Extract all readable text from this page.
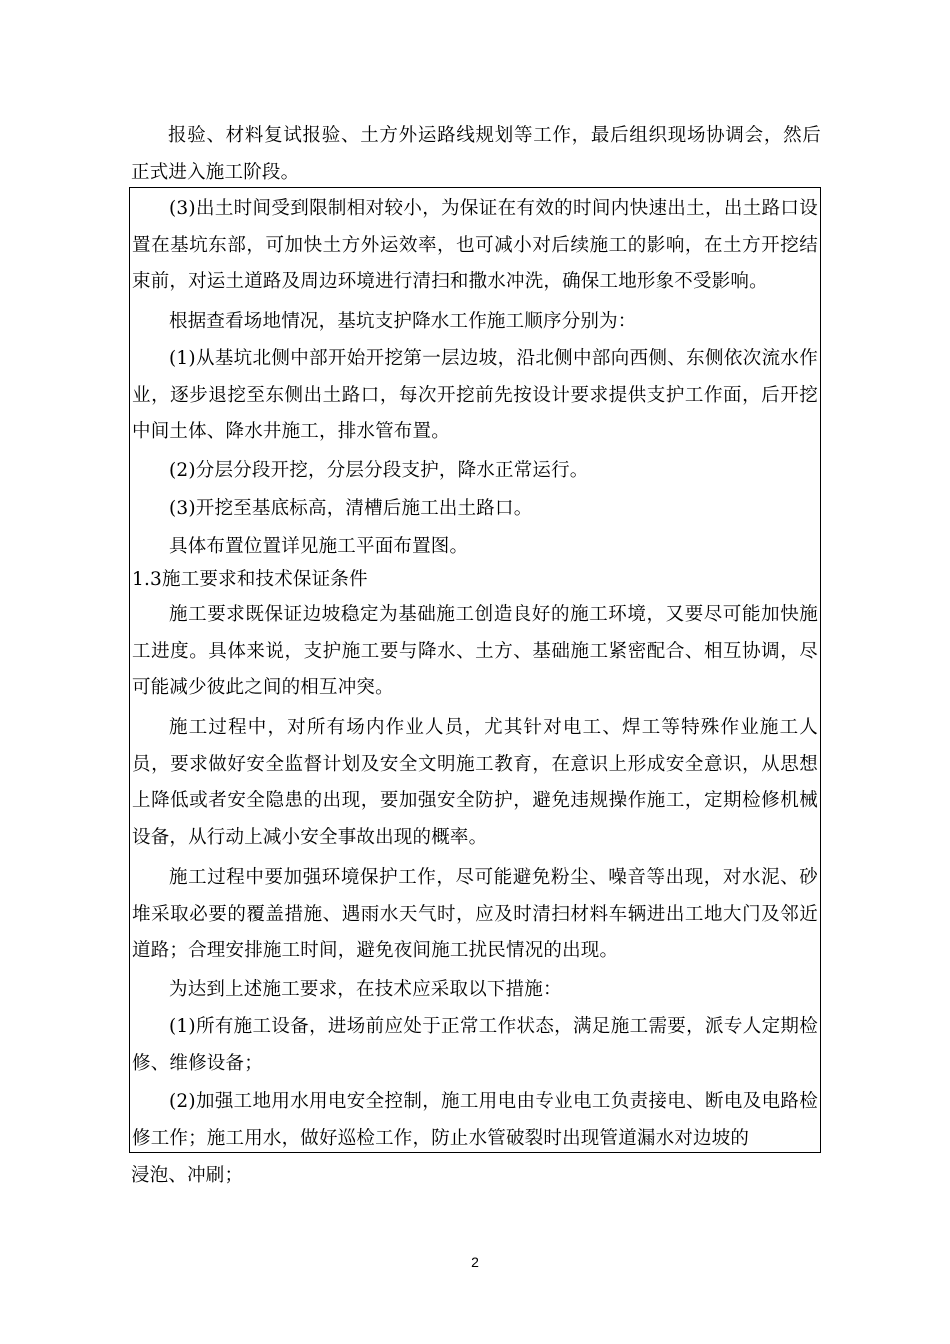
报验、材料复试报验、土方外运路线规划等工作，最后组织现场协调会，然后正式进入施工阶段。

(3)出土时间受到限制相对较小，为保证在有效的时间内快速出土，出土路口设置在基坑东部，可加快土方外运效率，也可减小对后续施工的影响，在土方开挖结束前，对运土道路及周边环境进行清扫和撒水冲洗，确保工地形象不受影响。

根据查看场地情况，基坑支护降水工作施工顺序分别为：

(1)从基坑北侧中部开始开挖第一层边坡，沿北侧中部向西侧、东侧依次流水作业，逐步退挖至东侧出土路口，每次开挖前先按设计要求提供支护工作面，后开挖中间土体、降水井施工，排水管布置。

(2)分层分段开挖，分层分段支护，降水正常运行。

(3)开挖至基底标高，清槽后施工出土路口。

具体布置位置详见施工平面布置图。

1.3施工要求和技术保证条件

施工要求既保证边坡稳定为基础施工创造良好的施工环境，又要尽可能加快施工进度。具体来说，支护施工要与降水、土方、基础施工紧密配合、相互协调，尽可能减少彼此之间的相互冲突。

施工过程中，对所有场内作业人员，尤其针对电工、焊工等特殊作业施工人员，要求做好安全监督计划及安全文明施工教育，在意识上形成安全意识，从思想上降低或者安全隐患的出现，要加强安全防护，避免违规操作施工，定期检修机械设备，从行动上减小安全事故出现的概率。

施工过程中要加强环境保护工作，尽可能避免粉尘、噪音等出现，对水泥、砂堆采取必要的覆盖措施、遇雨水天气时，应及时清扫材料车辆进出工地大门及邻近道路；合理安排施工时间，避免夜间施工扰民情况的出现。

为达到上述施工要求，在技术应采取以下措施：

(1)所有施工设备，进场前应处于正常工作状态，满足施工需要，派专人定期检修、维修设备；

(2)加强工地用水用电安全控制，施工用电由专业电工负责接电、断电及电路检修工作；施工用水，做好巡检工作，防止水管破裂时出现管道漏水对边坡的

浸泡、冲刷；

2
